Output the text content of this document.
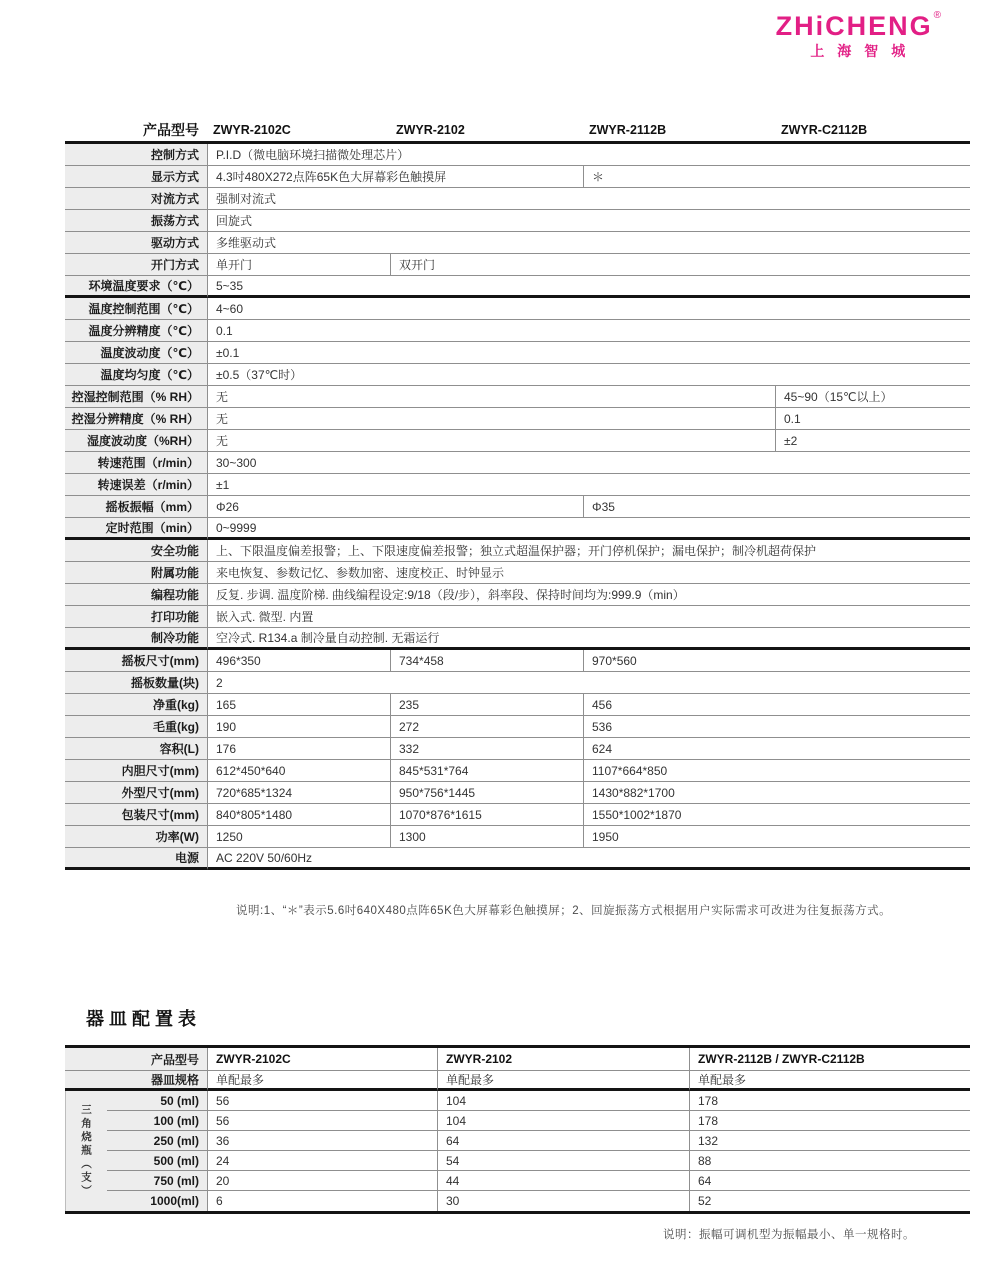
ZHiCHENG®
上海智城
产品型号	ZWYR-2102C	ZWYR-2102	ZWYR-2112B	ZWYR-C2112B
控制方式	P.I.D（微电脑环境扫描微处理芯片）
显示方式	4.3吋480X272点阵65K色大屏幕彩色触摸屏	＊
对流方式	强制对流式
振荡方式	回旋式
驱动方式	多维驱动式
开门方式	单开门	双开门
环境温度要求（℃）	5~35
温度控制范围（℃）	4~60
温度分辨精度（℃）	0.1
温度波动度（℃）	±0.1
温度均匀度（℃）	±0.5（37℃时）
控湿控制范围（% RH）	无	45~90（15℃以上）
控湿分辨精度（% RH）	无	0.1
湿度波动度（%RH）	无	±2
转速范围（r/min）	30~300
转速误差（r/min）	±1
摇板振幅（mm）	Φ26	Φ35
定时范围（min）	0~9999
安全功能	上、下限温度偏差报警；上、下限速度偏差报警；独立式超温保护器；开门停机保护；漏电保护；制冷机超荷保护
附属功能	来电恢复、参数记忆、参数加密、速度校正、时钟显示
编程功能	反复. 步调. 温度阶梯. 曲线编程设定:9/18（段/步），斜率段、保持时间均为:999.9（min）
打印功能	嵌入式. 微型. 内置
制冷功能	空冷式. R134.a 制冷量自动控制. 无霜运行
摇板尺寸(mm)	496*350	734*458	970*560
摇板数量(块)	2
净重(kg)	165	235	456
毛重(kg)	190	272	536
容积(L)	176	332	624
内胆尺寸(mm)	612*450*640	845*531*764	1107*664*850
外型尺寸(mm)	720*685*1324	950*756*1445	1430*882*1700
包装尺寸(mm)	840*805*1480	1070*876*1615	1550*1002*1870
功率(W)	1250	1300	1950
电源	AC 220V 50/60Hz
说明:1、“＊”表示5.6吋640X480点阵65K色大屏幕彩色触摸屏；2、回旋振荡方式根据用户实际需求可改进为往复振荡方式。
器皿配置表
产品型号	ZWYR-2102C	ZWYR-2102	ZWYR-2112B / ZWYR-C2112B
器皿规格	单配最多	单配最多	单配最多
三角烧瓶（支）
50 (ml)	56	104	178
100 (ml)	56	104	178
250 (ml)	36	64	132
500 (ml)	24	54	88
750 (ml)	20	44	64
1000(ml)	6	30	52
说明：振幅可调机型为振幅最小、单一规格时。
